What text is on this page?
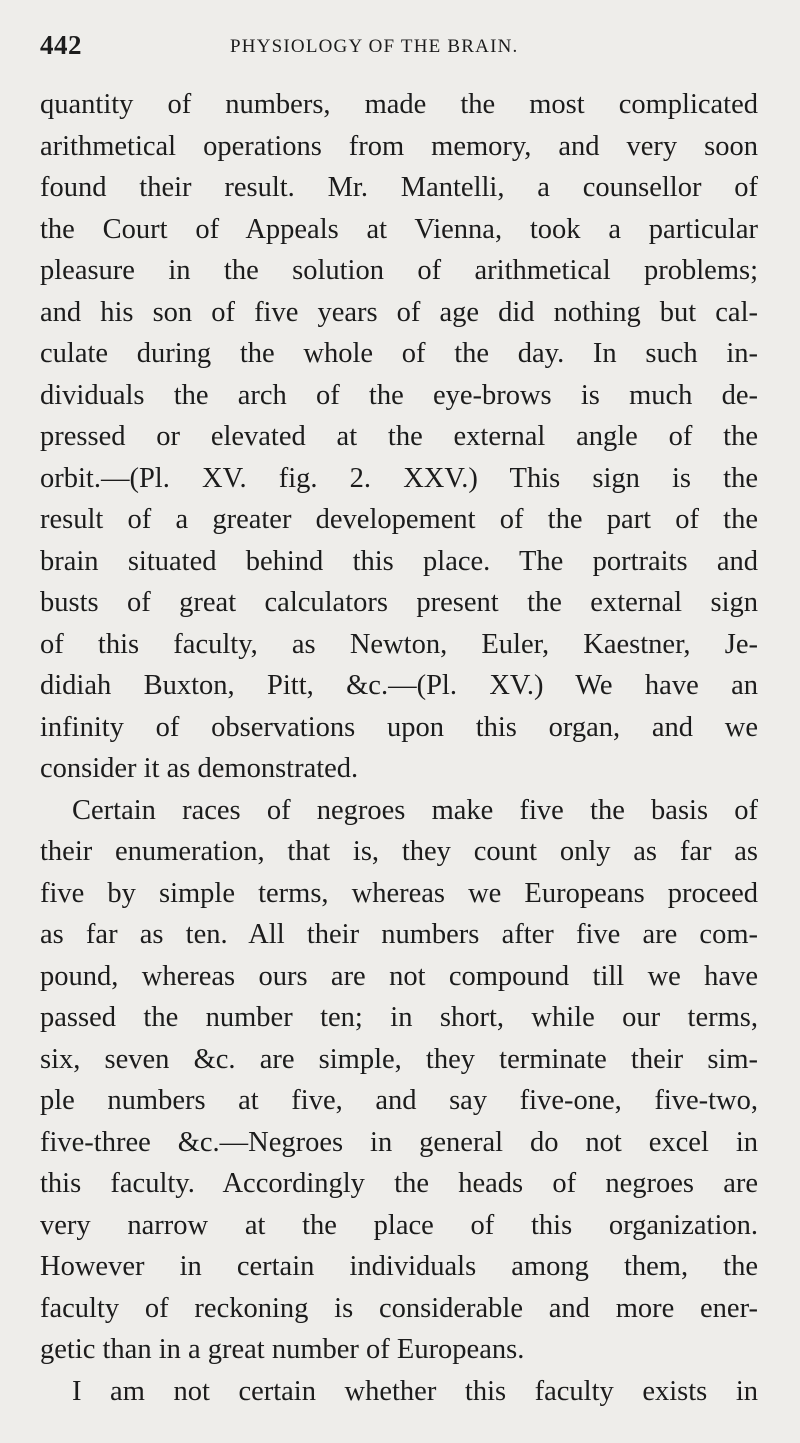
442	PHYSIOLOGY OF THE BRAIN.
quantity of numbers, made the most complicated
arithmetical operations from memory, and very soon
found their result. Mr. Mantelli, a counsellor of
the Court of Appeals at Vienna, took a particular
pleasure in the solution of arithmetical problems;
and his son of five years of age did nothing but cal-
culate during the whole of the day. In such in-
dividuals the arch of the eye-brows is much de-
pressed or elevated at the external angle of the
orbit.—(Pl. XV. fig. 2. XXV.) This sign is the
result of a greater developement of the part of the
brain situated behind this place. The portraits and
busts of great calculators present the external sign
of this faculty, as Newton, Euler, Kaestner, Je-
didiah Buxton, Pitt, &c.—(Pl. XV.) We have an
infinity of observations upon this organ, and we
consider it as demonstrated.
Certain races of negroes make five the basis of
their enumeration, that is, they count only as far as
five by simple terms, whereas we Europeans proceed
as far as ten. All their numbers after five are com-
pound, whereas ours are not compound till we have
passed the number ten; in short, while our terms,
six, seven &c. are simple, they terminate their sim-
ple numbers at five, and say five-one, five-two,
five-three &c.—Negroes in general do not excel in
this faculty. Accordingly the heads of negroes are
very narrow at the place of this organization.
However in certain individuals among them, the
faculty of reckoning is considerable and more ener-
getic than in a great number of Europeans.
I am not certain whether this faculty exists in
